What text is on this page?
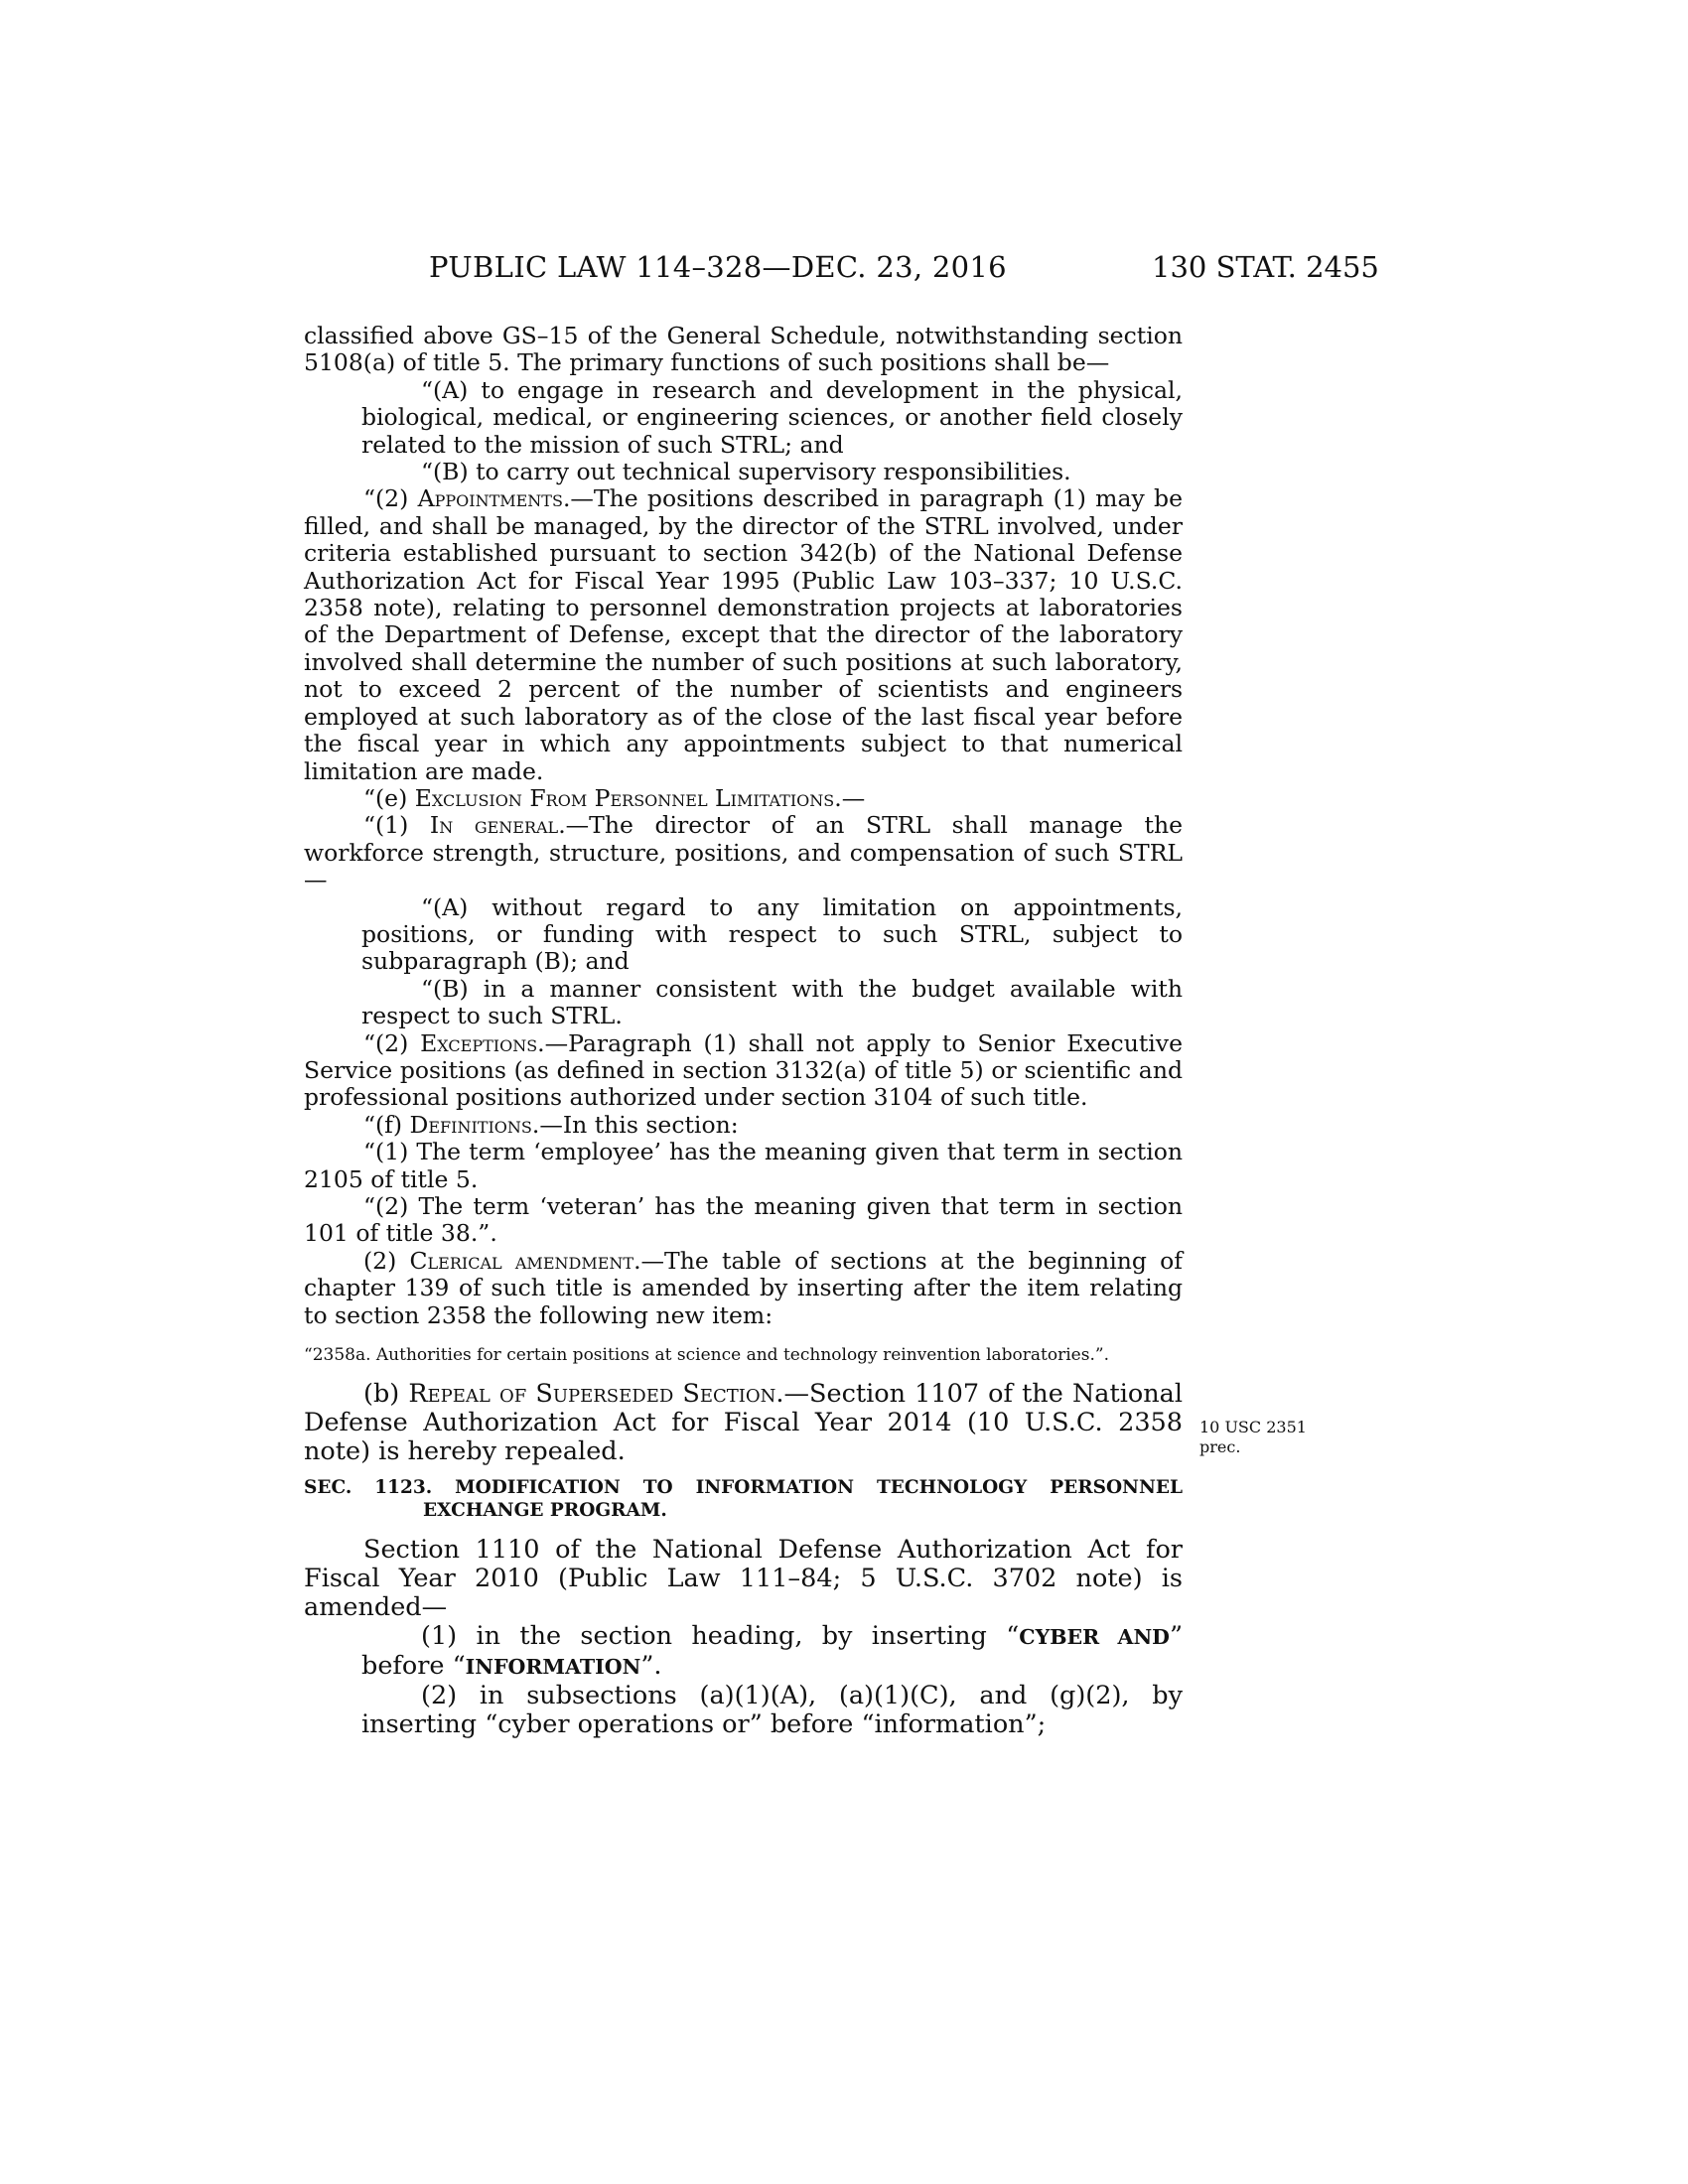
PUBLIC LAW 114–328—DEC. 23, 2016	130 STAT. 2455

classified above GS–15 of the General Schedule, notwithstanding section 5108(a) of title 5. The primary functions of such positions shall be—

“(A) to engage in research and development in the physical, biological, medical, or engineering sciences, or another field closely related to the mission of such STRL; and

“(B) to carry out technical supervisory responsibilities.

“(2) Appointments.—The positions described in paragraph (1) may be filled, and shall be managed, by the director of the STRL involved, under criteria established pursuant to section 342(b) of the National Defense Authorization Act for Fiscal Year 1995 (Public Law 103–337; 10 U.S.C. 2358 note), relating to personnel demonstration projects at laboratories of the Department of Defense, except that the director of the laboratory involved shall determine the number of such positions at such laboratory, not to exceed 2 percent of the number of scientists and engineers employed at such laboratory as of the close of the last fiscal year before the fiscal year in which any appointments subject to that numerical limitation are made.

“(e) Exclusion From Personnel Limitations.—

“(1) In general.—The director of an STRL shall manage the workforce strength, structure, positions, and compensation of such STRL—

“(A) without regard to any limitation on appointments, positions, or funding with respect to such STRL, subject to subparagraph (B); and

“(B) in a manner consistent with the budget available with respect to such STRL.

“(2) Exceptions.—Paragraph (1) shall not apply to Senior Executive Service positions (as defined in section 3132(a) of title 5) or scientific and professional positions authorized under section 3104 of such title.

“(f) Definitions.—In this section:

“(1) The term ‘employee’ has the meaning given that term in section 2105 of title 5.

“(2) The term ‘veteran’ has the meaning given that term in section 101 of title 38.”.

(2) Clerical amendment.—The table of sections at the beginning of chapter 139 of such title is amended by inserting after the item relating to section 2358 the following new item:

“2358a. Authorities for certain positions at science and technology reinvention laboratories.”.

(b) Repeal of Superseded Section.—Section 1107 of the National Defense Authorization Act for Fiscal Year 2014 (10 U.S.C. 2358 note) is hereby repealed.

SEC. 1123. MODIFICATION TO INFORMATION TECHNOLOGY PERSONNEL EXCHANGE PROGRAM.

Section 1110 of the National Defense Authorization Act for Fiscal Year 2010 (Public Law 111–84; 5 U.S.C. 3702 note) is amended—

(1) in the section heading, by inserting “CYBER AND” before “INFORMATION”.

(2) in subsections (a)(1)(A), (a)(1)(C), and (g)(2), by inserting “cyber operations or” before “information”;

10 USC 2351
prec.
